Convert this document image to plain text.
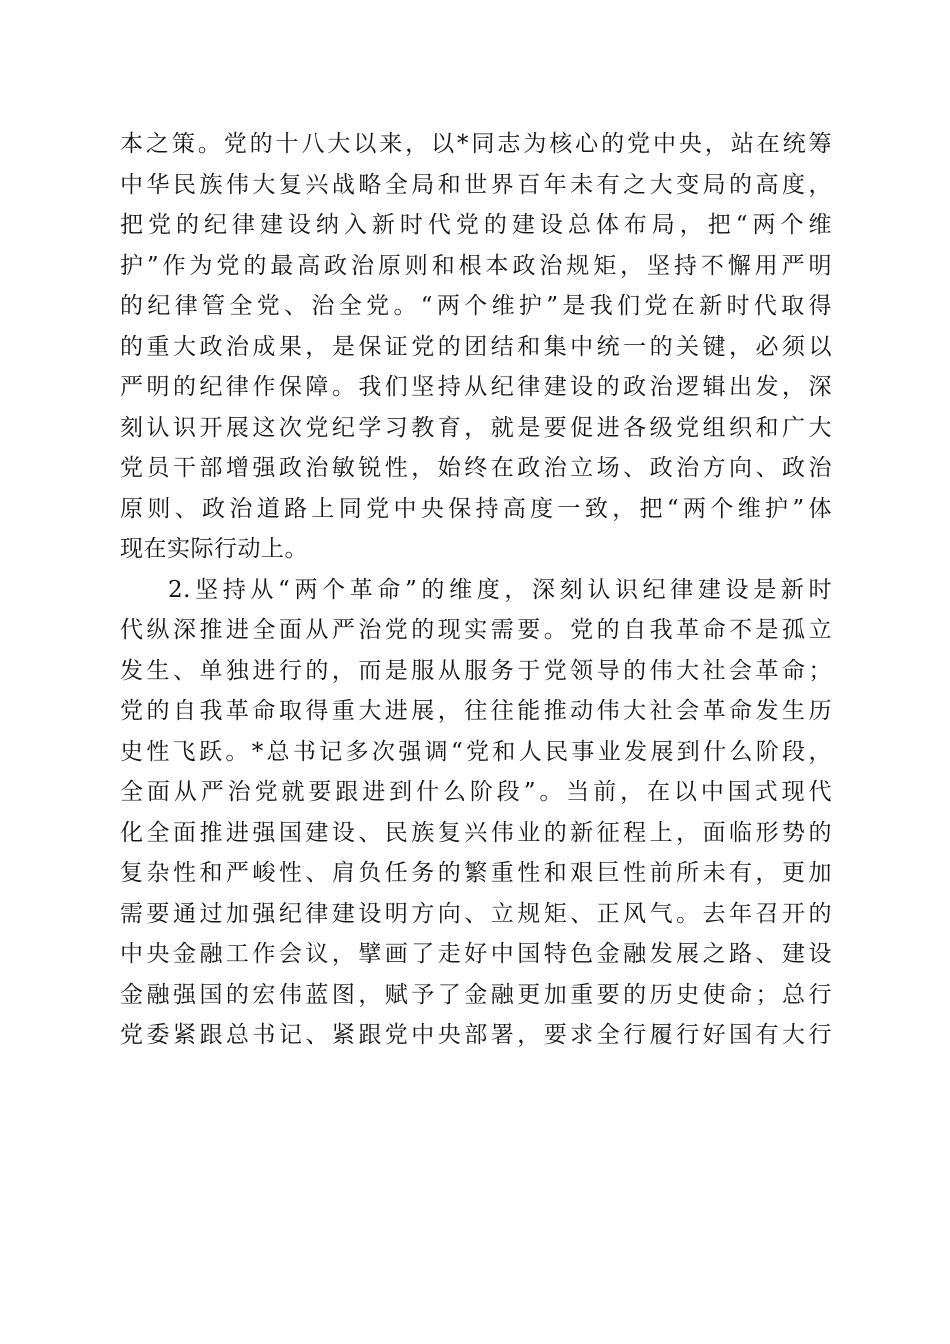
本之策。党的十八大以来，以*同志为核心的党中央，站在统筹
中华民族伟大复兴战略全局和世界百年未有之大变局的高度，
把党的纪律建设纳入新时代党的建设总体布局，把“两个维
护”作为党的最高政治原则和根本政治规矩，坚持不懈用严明
的纪律管全党、治全党。“两个维护”是我们党在新时代取得
的重大政治成果，是保证党的团结和集中统一的关键，必须以
严明的纪律作保障。我们坚持从纪律建设的政治逻辑出发，深
刻认识开展这次党纪学习教育，就是要促进各级党组织和广大
党员干部增强政治敏锐性，始终在政治立场、政治方向、政治
原则、政治道路上同党中央保持高度一致，把“两个维护”体
现在实际行动上。
2.坚持从“两个革命”的维度，深刻认识纪律建设是新时
代纵深推进全面从严治党的现实需要。党的自我革命不是孤立
发生、单独进行的，而是服从服务于党领导的伟大社会革命；
党的自我革命取得重大进展，往往能推动伟大社会革命发生历
史性飞跃。*总书记多次强调“党和人民事业发展到什么阶段，
全面从严治党就要跟进到什么阶段”。当前，在以中国式现代
化全面推进强国建设、民族复兴伟业的新征程上，面临形势的
复杂性和严峻性、肩负任务的繁重性和艰巨性前所未有，更加
需要通过加强纪律建设明方向、立规矩、正风气。去年召开的
中央金融工作会议，擘画了走好中国特色金融发展之路、建设
金融强国的宏伟蓝图，赋予了金融更加重要的历史使命；总行
党委紧跟总书记、紧跟党中央部署，要求全行履行好国有大行
